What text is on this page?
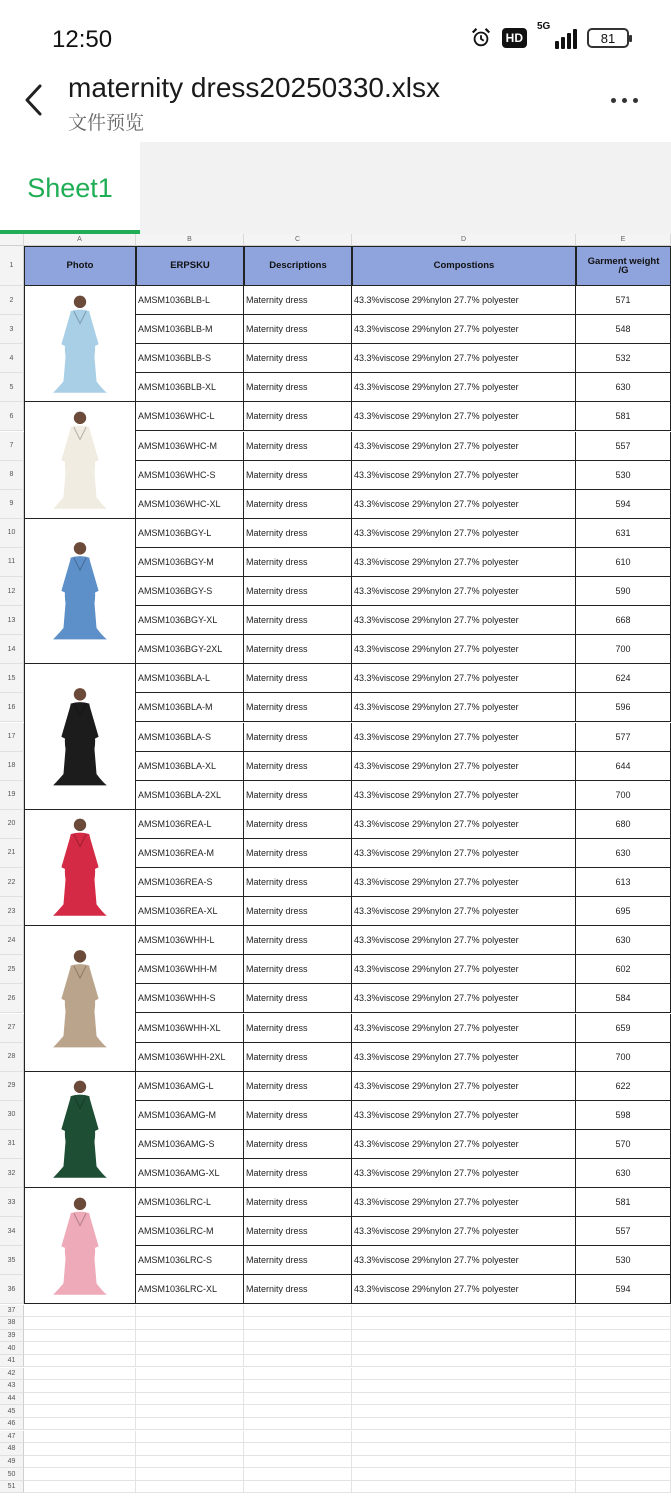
12:50	HD
5G
81
maternity dress20250330.xlsx
文件预览
Sheet1
A	B	C	D	E
1	Photo	ERPSKU	Descriptions	Compostions	Garment weight
/G
2	AMSM1036BLB-L	Maternity dress	43.3%viscose 29%nylon 27.7% polyester	571
3	AMSM1036BLB-M	Maternity dress	43.3%viscose 29%nylon 27.7% polyester	548
4	AMSM1036BLB-S	Maternity dress	43.3%viscose 29%nylon 27.7% polyester	532
5	AMSM1036BLB-XL	Maternity dress	43.3%viscose 29%nylon 27.7% polyester	630
6	AMSM1036WHC-L	Maternity dress	43.3%viscose 29%nylon 27.7% polyester	581
7	AMSM1036WHC-M	Maternity dress	43.3%viscose 29%nylon 27.7% polyester	557
8	AMSM1036WHC-S	Maternity dress	43.3%viscose 29%nylon 27.7% polyester	530
9	AMSM1036WHC-XL	Maternity dress	43.3%viscose 29%nylon 27.7% polyester	594
10	AMSM1036BGY-L	Maternity dress	43.3%viscose 29%nylon 27.7% polyester	631
11	AMSM1036BGY-M	Maternity dress	43.3%viscose 29%nylon 27.7% polyester	610
12	AMSM1036BGY-S	Maternity dress	43.3%viscose 29%nylon 27.7% polyester	590
13	AMSM1036BGY-XL	Maternity dress	43.3%viscose 29%nylon 27.7% polyester	668
14	AMSM1036BGY-2XL	Maternity dress	43.3%viscose 29%nylon 27.7% polyester	700
15	AMSM1036BLA-L	Maternity dress	43.3%viscose 29%nylon 27.7% polyester	624
16	AMSM1036BLA-M	Maternity dress	43.3%viscose 29%nylon 27.7% polyester	596
17	AMSM1036BLA-S	Maternity dress	43.3%viscose 29%nylon 27.7% polyester	577
18	AMSM1036BLA-XL	Maternity dress	43.3%viscose 29%nylon 27.7% polyester	644
19	AMSM1036BLA-2XL	Maternity dress	43.3%viscose 29%nylon 27.7% polyester	700
20	AMSM1036REA-L	Maternity dress	43.3%viscose 29%nylon 27.7% polyester	680
21	AMSM1036REA-M	Maternity dress	43.3%viscose 29%nylon 27.7% polyester	630
22	AMSM1036REA-S	Maternity dress	43.3%viscose 29%nylon 27.7% polyester	613
23	AMSM1036REA-XL	Maternity dress	43.3%viscose 29%nylon 27.7% polyester	695
24	AMSM1036WHH-L	Maternity dress	43.3%viscose 29%nylon 27.7% polyester	630
25	AMSM1036WHH-M	Maternity dress	43.3%viscose 29%nylon 27.7% polyester	602
26	AMSM1036WHH-S	Maternity dress	43.3%viscose 29%nylon 27.7% polyester	584
27	AMSM1036WHH-XL	Maternity dress	43.3%viscose 29%nylon 27.7% polyester	659
28	AMSM1036WHH-2XL	Maternity dress	43.3%viscose 29%nylon 27.7% polyester	700
29	AMSM1036AMG-L	Maternity dress	43.3%viscose 29%nylon 27.7% polyester	622
30	AMSM1036AMG-M	Maternity dress	43.3%viscose 29%nylon 27.7% polyester	598
31	AMSM1036AMG-S	Maternity dress	43.3%viscose 29%nylon 27.7% polyester	570
32	AMSM1036AMG-XL	Maternity dress	43.3%viscose 29%nylon 27.7% polyester	630
33	AMSM1036LRC-L	Maternity dress	43.3%viscose 29%nylon 27.7% polyester	581
34	AMSM1036LRC-M	Maternity dress	43.3%viscose 29%nylon 27.7% polyester	557
35	AMSM1036LRC-S	Maternity dress	43.3%viscose 29%nylon 27.7% polyester	530
36	AMSM1036LRC-XL	Maternity dress	43.3%viscose 29%nylon 27.7% polyester	594
37
38
39
40
41
42
43
44
45
46
47
48
49
50
51
